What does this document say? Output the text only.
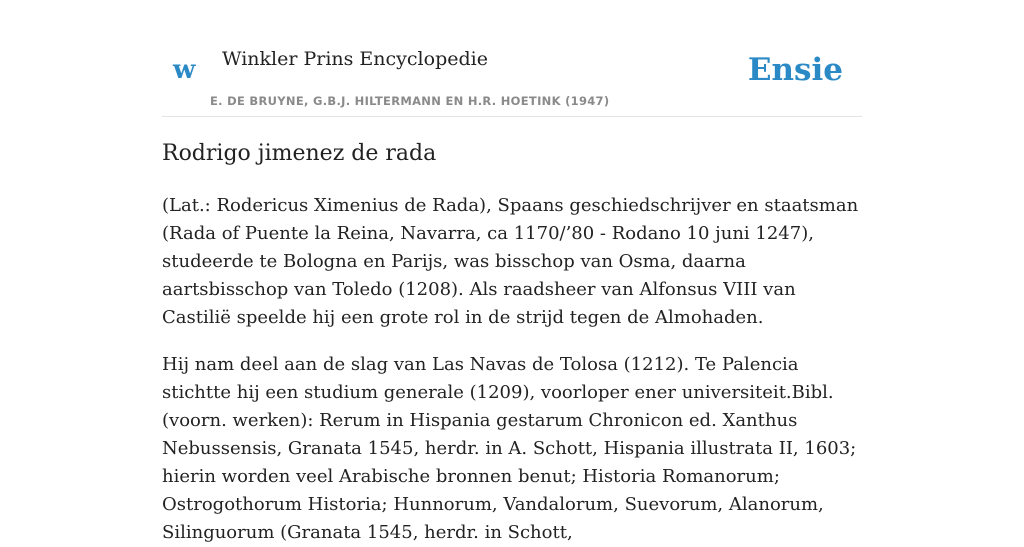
w Winkler Prins Encyclopedie
E. DE BRUYNE, G.B.J. HILTERMANN EN H.R. HOETINK (1947)
Ensie
Rodrigo jimenez de rada

(Lat.: Rodericus Ximenius de Rada), Spaans geschiedschrijver en staatsman (Rada of Puente la Reina, Navarra, ca 1170/’80 - Rodano 10 juni 1247), studeerde te Bologna en Parijs, was bisschop van Osma, daarna aartsbisschop van Toledo (1208). Als raadsheer van Alfonsus VIII van Castilië speelde hij een grote rol in de strijd tegen de Almohaden.

Hij nam deel aan de slag van Las Navas de Tolosa (1212). Te Palencia stichtte hij een studium generale (1209), voorloper ener universiteit.Bibl. (voorn. werken): Rerum in Hispania gestarum Chronicon ed. Xanthus Nebussensis, Granata 1545, herdr. in A. Schott, Hispania illustrata II, 1603; hierin worden veel Arabische bronnen benut; Historia Romanorum; Ostrogothorum Historia; Hunnorum, Vandalorum, Suevorum, Alanorum, Silinguorum (Granata 1545, herdr. in Schott,
